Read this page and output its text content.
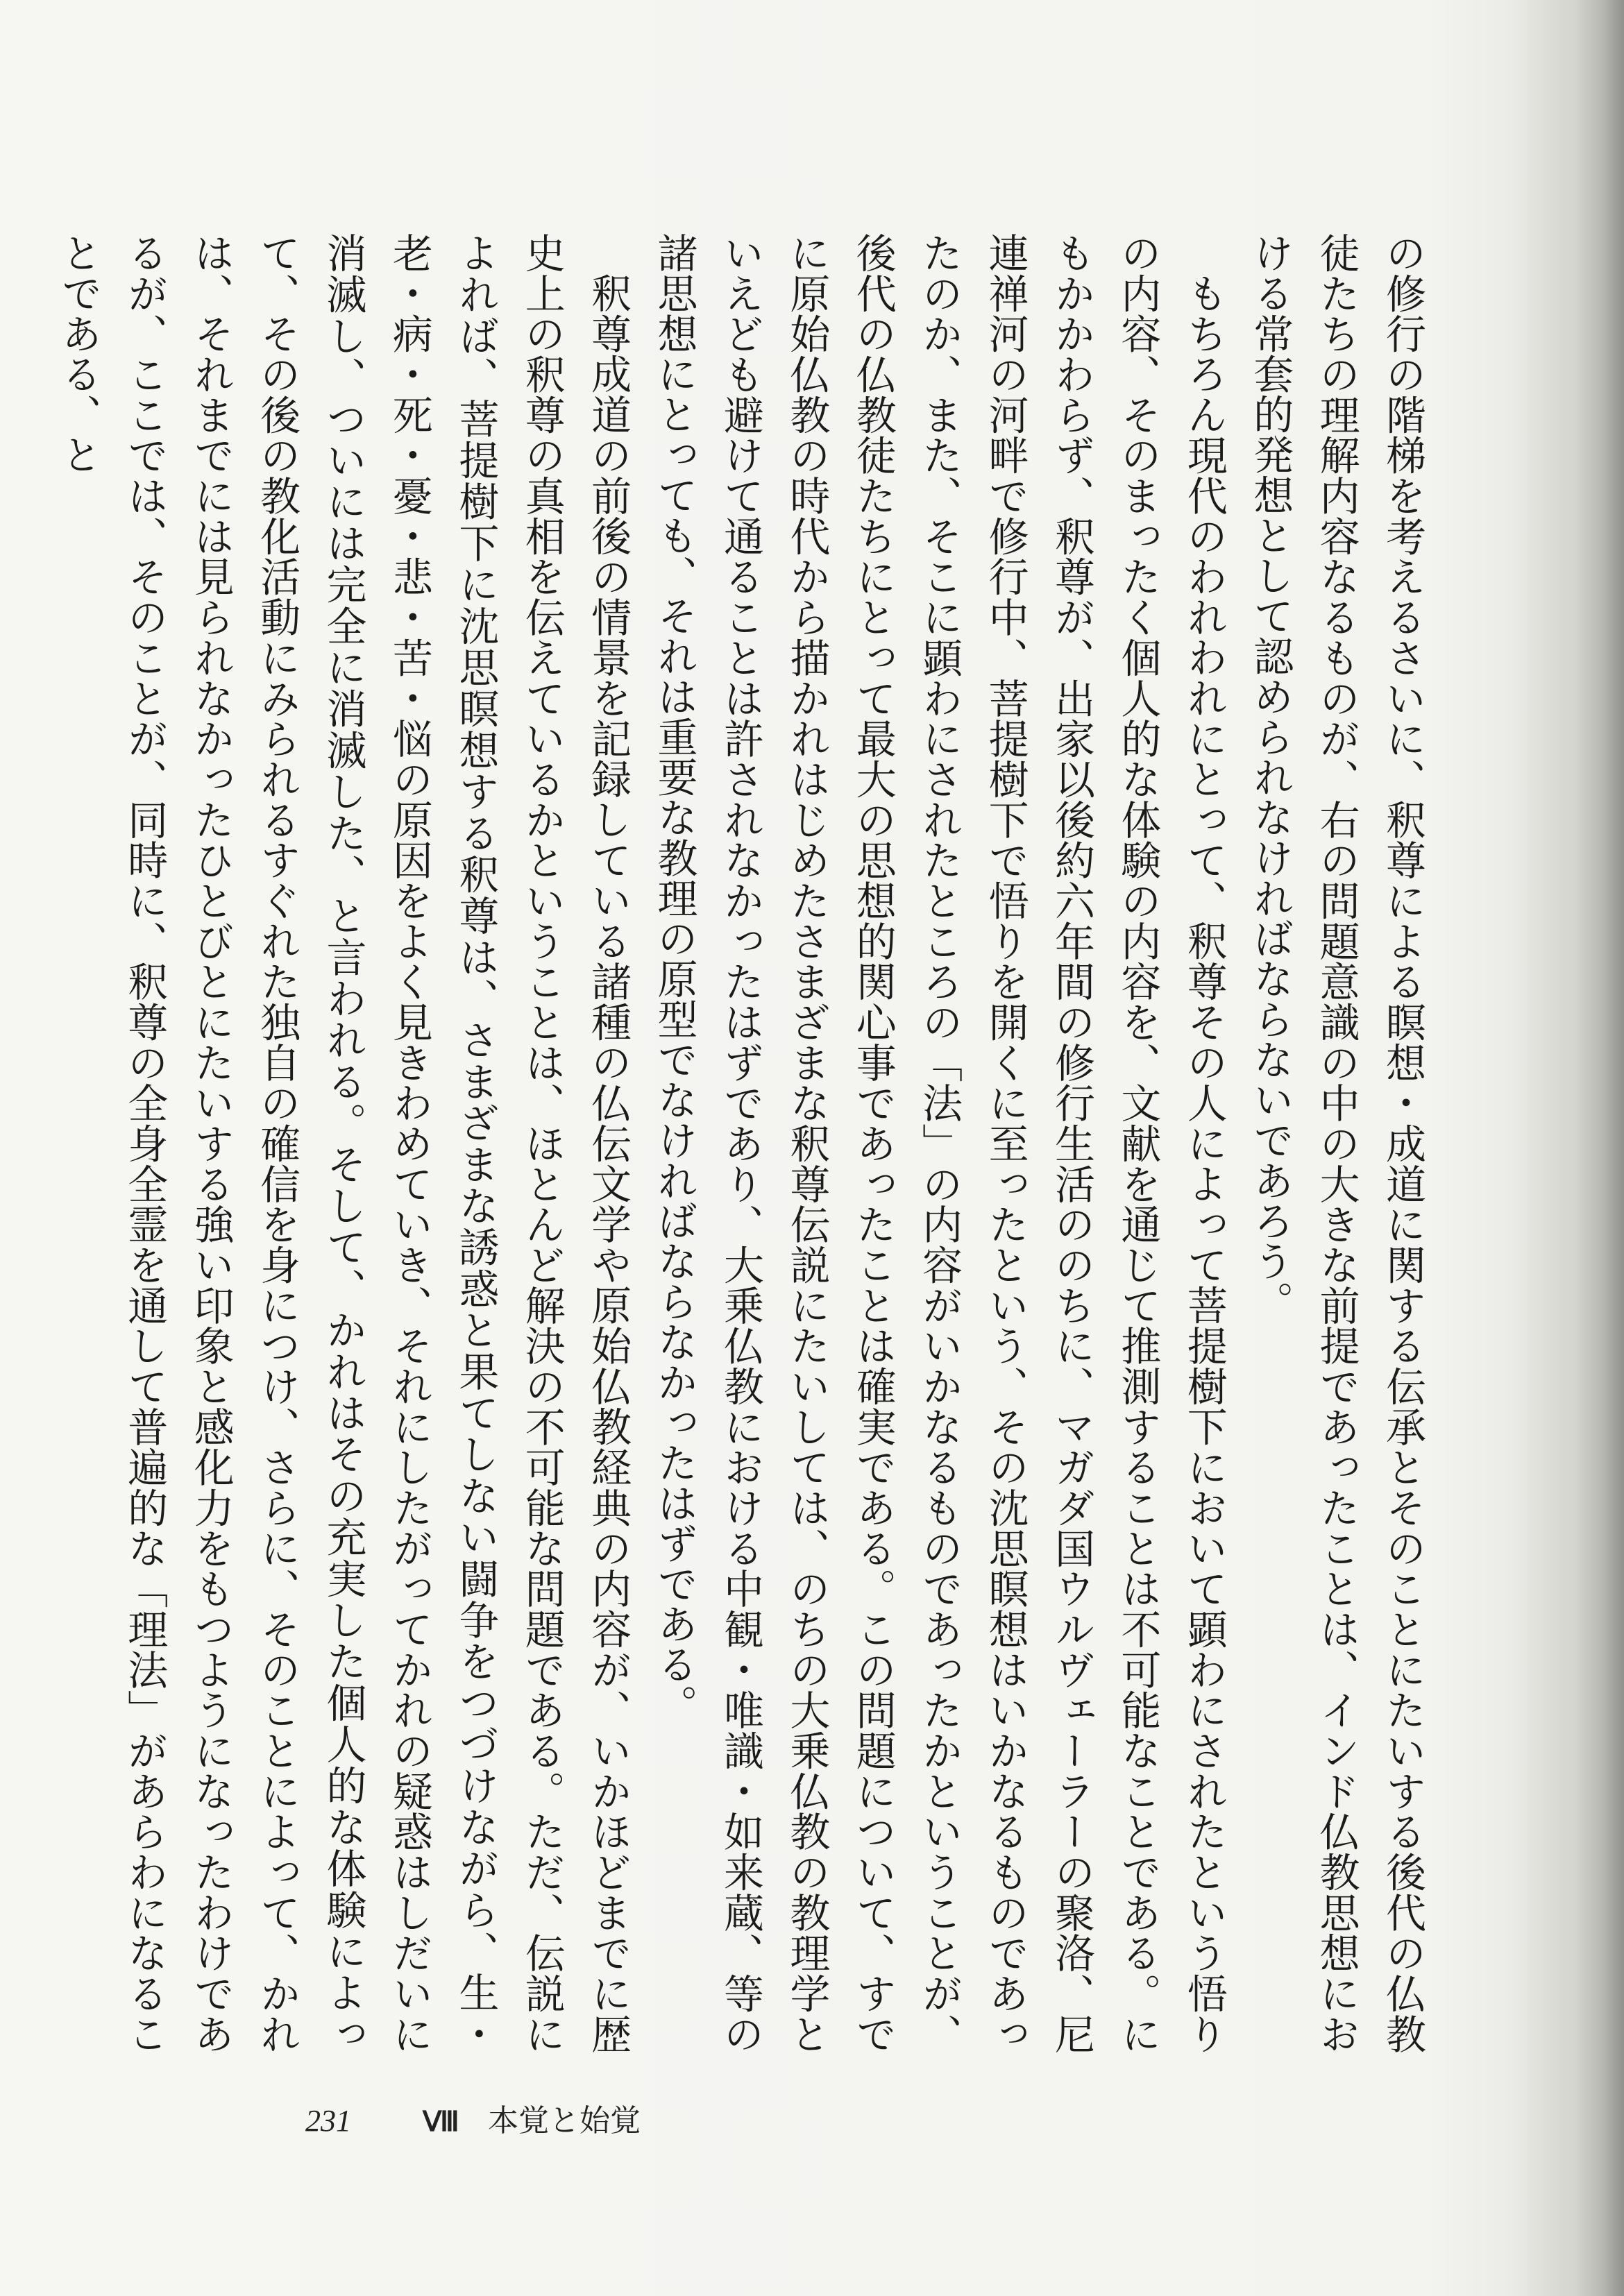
の修行の階梯を考えるさいに、釈尊による瞑想・成道に関する伝承とそのことにたいする後代の仏教徒たちの理解内容なるものが、右の問題意識の中の大きな前提であったことは、インド仏教思想における常套的発想として認められなければならないであろう。

もちろん現代のわれわれにとって、釈尊その人によって菩提樹下において顕わにされたという悟りの内容、そのまったく個人的な体験の内容を、文献を通じて推測することは不可能なことである。にもかかわらず、釈尊が、出家以後約六年間の修行生活ののちに、マガダ国ウルヴェーラーの聚洛、尼連禅河の河畔で修行中、菩提樹下で悟りを開くに至ったという、その沈思瞑想はいかなるものであったのか、また、そこに顕わにされたところの「法」の内容がいかなるものであったかということが、後代の仏教徒たちにとって最大の思想的関心事であったことは確実である。この問題について、すでに原始仏教の時代から描かれはじめたさまざまな釈尊伝説にたいしては、のちの大乗仏教の教理学といえども避けて通ることは許されなかったはずであり、大乗仏教における中観・唯識・如来蔵、等の諸思想にとっても、それは重要な教理の原型でなければならなかったはずである。

釈尊成道の前後の情景を記録している諸種の仏伝文学や原始仏教経典の内容が、いかほどまでに歴史上の釈尊の真相を伝えているかということは、ほとんど解決の不可能な問題である。ただ、伝説によれば、菩提樹下に沈思瞑想する釈尊は、さまざまな誘惑と果てしない闘争をつづけながら、生・老・病・死・憂・悲・苦・悩の原因をよく見きわめていき、それにしたがってかれの疑惑はしだいに消滅し、ついには完全に消滅した、と言われる。そして、かれはその充実した個人的な体験によって、その後の教化活動にみられるすぐれた独自の確信を身につけ、さらに、そのことによって、かれは、それまでには見られなかったひとびとにたいする強い印象と感化力をもつようになったわけであるが、ここでは、そのことが、同時に、釈尊の全身全霊を通して普遍的な「理法」があらわになることである、と

231	Ⅷ 本覚と始覚
